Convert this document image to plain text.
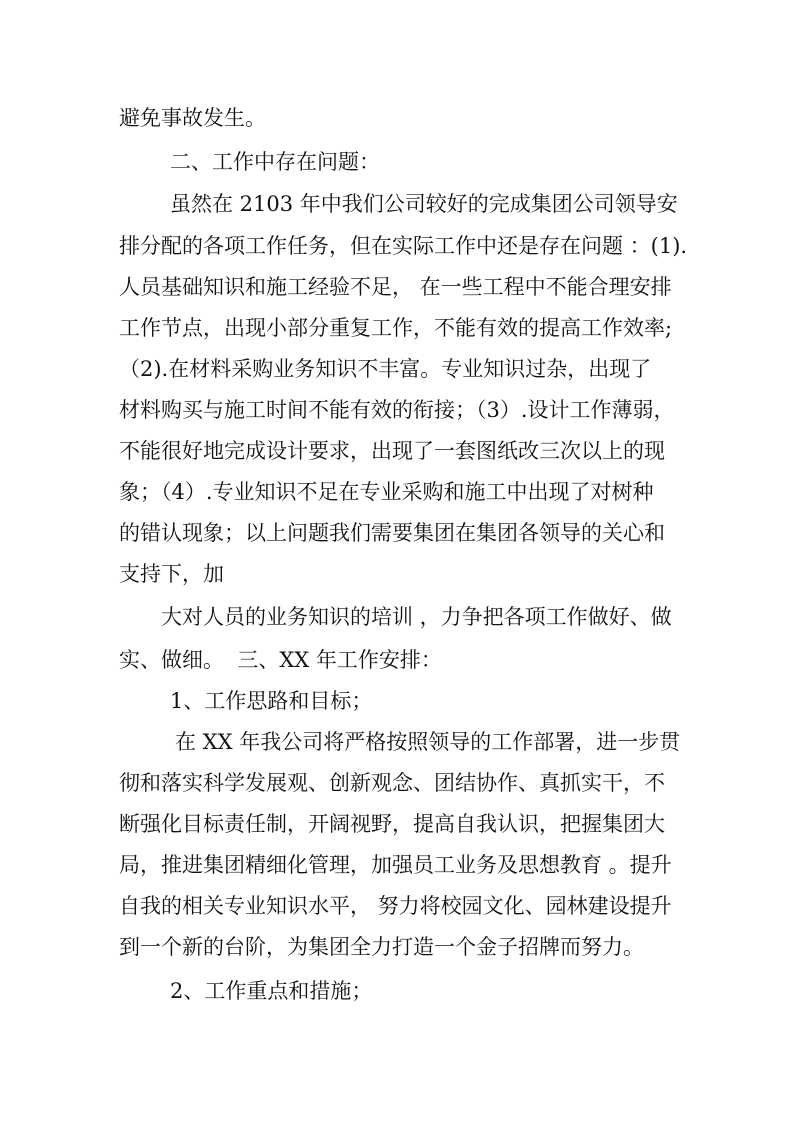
避免事故发生。
二、工作中存在问题：
虽然在 2103 年中我们公司较好的完成集团公司领导安
排分配的各项工作任务，但在实际工作中还是存在问题 ：(1).
人员基础知识和施工经验不足， 在一些工程中不能合理安排
工作节点，出现小部分重复工作，不能有效的提高工作效率;
（2).在材料采购业务知识不丰富。专业知识过杂，出现了
材料购买与施工时间不能有效的衔接；（3）.设计工作薄弱，
不能很好地完成设计要求，出现了一套图纸改三次以上的现
象；（4）.专业知识不足在专业采购和施工中出现了对树种
的错认现象；以上问题我们需要集团在集团各领导的关心和
支持下，加
大对人员的业务知识的培训 ，力争把各项工作做好、做
实、做细。  三、XX 年工作安排：
1、工作思路和目标；
在 XX 年我公司将严格按照领导的工作部署，进一步贯
彻和落实科学发展观、创新观念、团结协作、真抓实干，不
断强化目标责任制，开阔视野，提高自我认识，把握集团大
局，推进集团精细化管理，加强员工业务及思想教育 。提升
自我的相关专业知识水平， 努力将校园文化、园林建设提升
到一个新的台阶，为集团全力打造一个金子招牌而努力。
2、工作重点和措施；
